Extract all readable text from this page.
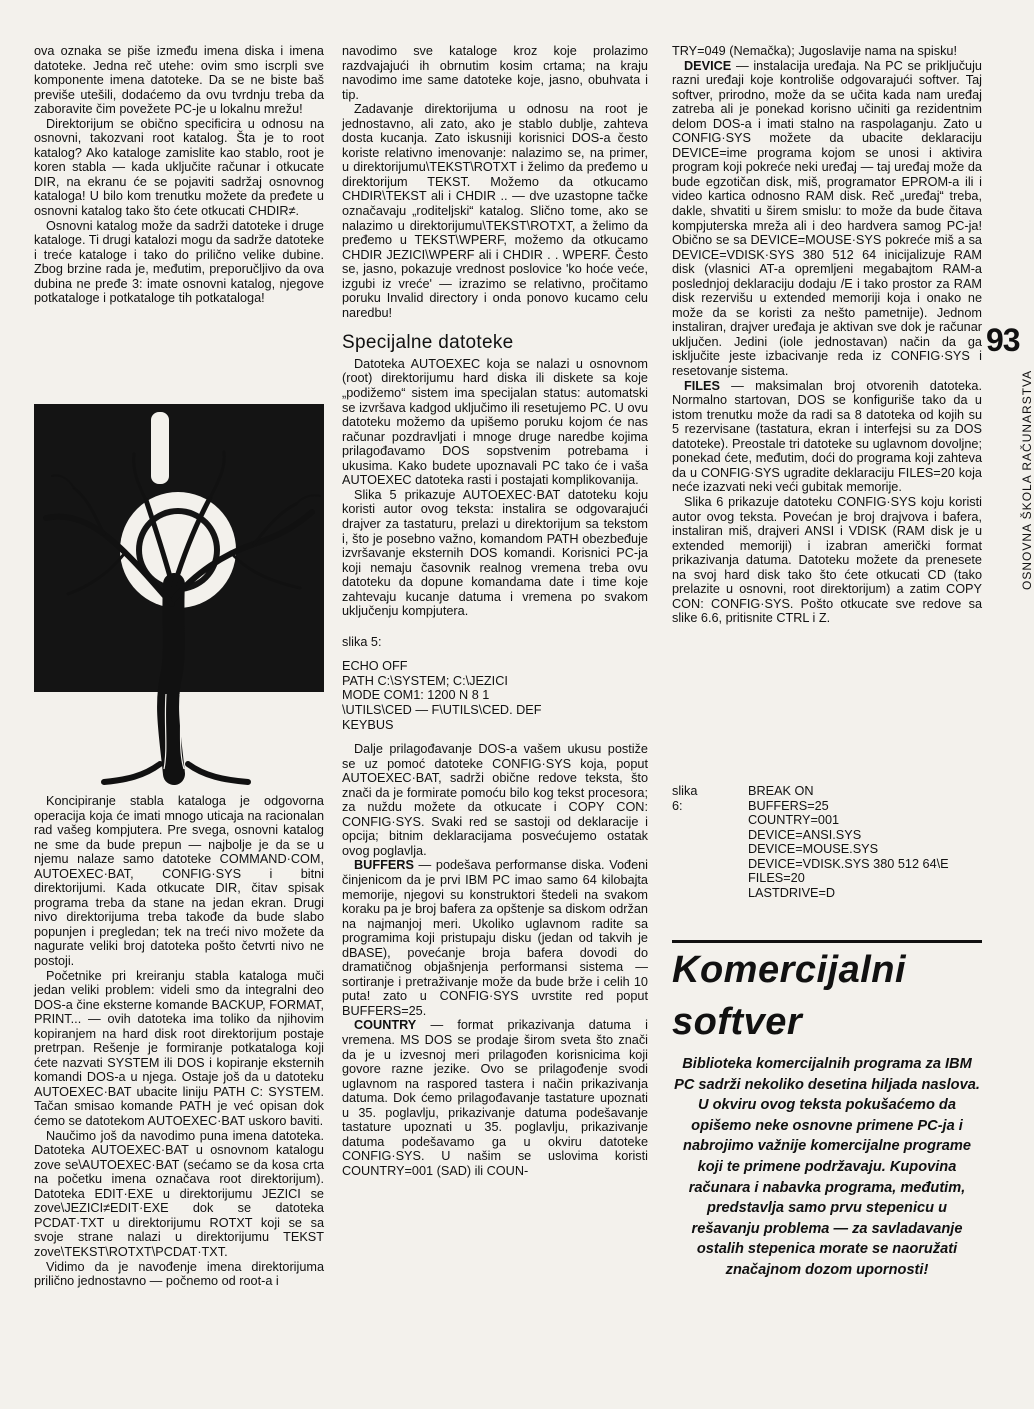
93
OSNOVNA ŠKOLA RAČUNARSTVA

ova oznaka se piše između imena diska i imena datoteke. Jedna reč utehe: ovim smo iscrpli sve komponente imena datoteke. Da se ne biste baš previše utešili, dodaćemo da ovu tvrdnju treba da zaboravite čim povežete PC-je u lokalnu mrežu!

Direktorijum se obično specificira u odnosu na osnovni, takozvani root katalog. Šta je to root katalog? Ako kataloge zamislite kao stablo, root je koren stabla — kada uključite računar i otkucate DIR, na ekranu će se pojaviti sadržaj osnovnog kataloga! U bilo kom trenutku možete da pređete u osnovni katalog tako što ćete otkucati CHDIR≠.

Osnovni katalog može da sadrži datoteke i druge kataloge. Ti drugi katalozi mogu da sadrže datoteke i treće kataloge i tako do prilično velike dubine. Zbog brzine rada je, međutim, preporučljivo da ova dubina ne pređe 3: imate osnovni katalog, njegove potkataloge i potkataloge tih potkataloga!

Koncipiranje stabla kataloga je odgovorna operacija koja će imati mnogo uticaja na racionalan rad vašeg kompjutera. Pre svega, osnovni katalog ne sme da bude prepun — najbolje je da se u njemu nalaze samo datoteke COMMAND·COM, AUTOEXEC·BAT, CONFIG·SYS i bitni direktorijumi. Kada otkucate DIR, čitav spisak programa treba da stane na jedan ekran. Drugi nivo direktorijuma treba takođe da bude slabo popunjen i pregledan; tek na treći nivo možete da nagurate veliki broj datoteka pošto četvrti nivo ne postoji.

Početnike pri kreiranju stabla kataloga muči jedan veliki problem: videli smo da integralni deo DOS-a čine eksterne komande BACKUP, FORMAT, PRINT... — ovih datoteka ima toliko da njihovim kopiranjem na hard disk root direktorijum postaje pretrpan. Rešenje je formiranje potkataloga koji ćete nazvati SYSTEM ili DOS i kopiranje eksternih komandi DOS-a u njega. Ostaje još da u datoteku AUTOEXEC·BAT ubacite liniju PATH C: SYSTEM. Tačan smisao komande PATH je već opisan dok ćemo se datotekom AUTOEXEC·BAT uskoro baviti.

Naučimo još da navodimo puna imena datoteka. Datoteka AUTOEXEC·BAT u osnovnom katalogu zove se\AUTOEXEC·BAT (sećamo se da kosa crta na početku imena označava root direktorijum). Datoteka EDIT·EXE u direktorijumu JEZICI se zove\JEZICI≠EDIT·EXE dok se datoteka PCDAT·TXT u direktorijumu ROTXT koji se sa svoje strane nalazi u direktorijumu TEKST zove\TEKST\ROTXT\PCDAT·TXT.

Vidimo da je navođenje imena direktorijuma prilično jednostavno — počnemo od root-a i

navodimo sve kataloge kroz koje prolazimo razdvajajući ih obrnutim kosim crtama; na kraju navodimo ime same datoteke koje, jasno, obuhvata i tip.

Zadavanje direktorijuma u odnosu na root je jednostavno, ali zato, ako je stablo dublje, zahteva dosta kucanja. Zato iskusniji korisnici DOS-a često koriste relativno imenovanje: nalazimo se, na primer, u direktorijumu\TEKST\ROTXT i želimo da pređemo u direktorijum TEKST. Možemo da otkucamo CHDIR\TEKST ali i CHDIR .. — dve uzastopne tačke označavaju „roditeljski“ katalog. Slično tome, ako se nalazimo u direktorijumu\TEKST\ROTXT, a želimo da pređemo u TEKST\WPERF, možemo da otkucamo CHDIR JEZICI\WPERF ali i CHDIR . . WPERF. Često se, jasno, pokazuje vrednost poslovice 'ko hoće veće, izgubi iz vreće' — izrazimo se relativno, pročitamo poruku Invalid directory i onda ponovo kucamo celu naredbu!

Specijalne datoteke

Datoteka AUTOEXEC koja se nalazi u osnovnom (root) direktorijumu hard diska ili diskete sa koje „podižemo“ sistem ima specijalan status: automatski se izvršava kadgod uključimo ili resetujemo PC. U ovu datoteku možemo da upišemo poruku kojom će nas računar pozdravljati i mnoge druge naredbe kojima prilagođavamo DOS sopstvenim potrebama i ukusima. Kako budete upoznavali PC tako će i vaša AUTOEXEC datoteka rasti i postajati komplikovanija.

Slika 5 prikazuje AUTOEXEC·BAT datoteku koju koristi autor ovog teksta: instalira se odgovarajući drajver za tastaturu, prelazi u direktorijum sa tekstom i, što je posebno važno, komandom PATH obezbeđuje izvršavanje eksternih DOS komandi. Korisnici PC-ja koji nemaju časovnik realnog vremena treba ovu datoteku da dopune komandama date i time koje zahtevaju kucanje datuma i vremena po svakom uključenju kompjutera.

slika 5:
ECHO OFF
PATH C:\SYSTEM; C:\JEZICI
MODE COM1: 1200 N 8 1
\UTILS\CED — F\UTILS\CED. DEF
KEYBUS

Dalje prilagođavanje DOS-a vašem ukusu postiže se uz pomoć datoteke CONFIG·SYS koja, poput AUTOEXEC·BAT, sadrži obične redove teksta, što znači da je formirate pomoću bilo kog tekst procesora; za nuždu možete da otkucate i COPY CON: CONFIG·SYS. Svaki red se sastoji od deklaracije i opcija; bitnim deklaracijama posvećujemo ostatak ovog poglavlja.

BUFFERS — podešava performanse diska. Vođeni činjenicom da je prvi IBM PC imao samo 64 kilobajta memorije, njegovi su konstruktori štedeli na svakom koraku pa je broj bafera za opštenje sa diskom održan na najmanjoj meri. Ukoliko uglavnom radite sa programima koji pristupaju disku (jedan od takvih je dBASE), povećanje broja bafera dovodi do dramatičnog objašnjenja performansi sistema — sortiranje i pretraživanje može da bude brže i celih 10 puta! zato u CONFIG·SYS uvrstite red poput BUFFERS=25.

COUNTRY — format prikazivanja datuma i vremena. MS DOS se prodaje širom sveta što znači da je u izvesnoj meri prilagođen korisnicima koji govore razne jezike. Ovo se prilagođenje svodi uglavnom na raspored tastera i način prikazivanja datuma. Dok ćemo prilagođavanje tastature upoznati u 35. poglavlju, prikazivanje datuma podešavanje tastature upoznati u 35. poglavlju, prikazivanje datuma podešavamo ga u okviru datoteke CONFIG·SYS. U našim se uslovima koristi COUNTRY=001 (SAD) ili COUN-

TRY=049 (Nemačka); Jugoslavije nama na spisku!

DEVICE — instalacija uređaja. Na PC se priključuju razni uređaji koje kontroliše odgovarajući softver. Taj softver, prirodno, može da se učita kada nam uređaj zatreba ali je ponekad korisno učiniti ga rezidentnim delom DOS-a i imati stalno na raspolaganju. Zato u CONFIG·SYS možete da ubacite deklaraciju DEVICE=ime programa kojom se unosi i aktivira program koji pokreće neki uređaj — taj uređaj može da bude egzotičan disk, miš, programator EPROM-a ili i video kartica odnosno RAM disk. Reč „uređaj“ treba, dakle, shvatiti u širem smislu: to može da bude čitava kompjuterska mreža ali i deo hardvera samog PC-ja! Obično se sa DEVICE=MOUSE·SYS pokreće miš a sa DEVICE=VDISK·SYS 380 512 64 inicijalizuje RAM disk (vlasnici AT-a opremljeni megabajtom RAM-a poslednjoj deklaraciju dodaju /E i tako prostor za RAM disk rezervišu u extended memoriji koja i onako ne može da se koristi za nešto pametnije). Jednom instaliran, drajver uređaja je aktivan sve dok je računar uključen. Jedini (iole jednostavan) način da ga isključite jeste izbacivanje reda iz CONFIG·SYS i resetovanje sistema.

FILES — maksimalan broj otvorenih datoteka. Normalno startovan, DOS se konfiguriše tako da u istom trenutku može da radi sa 8 datoteka od kojih su 5 rezervisane (tastatura, ekran i interfejsi su za DOS datoteke). Preostale tri datoteke su uglavnom dovoljne; ponekad ćete, međutim, doći do programa koji zahteva da u CONFIG·SYS ugradite deklaraciju FILES=20 koja neće izazvati neki veći gubitak memorije.

Slika 6 prikazuje datoteku CONFIG·SYS koju koristi autor ovog teksta. Povećan je broj drajvova i bafera, instaliran miš, drajveri ANSI i VDISK (RAM disk je u extended memoriji) i izabran američki format prikazivanja datuma. Datoteku možete da prenesete na svoj hard disk tako što ćete otkucati CD (tako prelazite u osnovni, root direktorijum) a zatim COPY CON: CONFIG·SYS. Pošto otkucate sve redove sa slike 6.6, pritisnite CTRL i Z.

slika 6:
BREAK ON
BUFFERS=25
COUNTRY=001
DEVICE=ANSI.SYS
DEVICE=MOUSE.SYS
DEVICE=VDISK.SYS 380 512 64\E
FILES=20
LASTDRIVE=D
Komercijalni
softver
Biblioteka komercijalnih programa za IBM PC sadrži nekoliko desetina hiljada naslova. U okviru ovog teksta pokušaćemo da opišemo neke osnovne primene PC-ja i nabrojimo važnije komercijalne programe koji te primene podržavaju. Kupovina računara i nabavka programa, međutim, predstavlja samo prvu stepenicu u rešavanju problema — za savladavanje ostalih stepenica morate se naoružati značajnom dozom upornosti!
